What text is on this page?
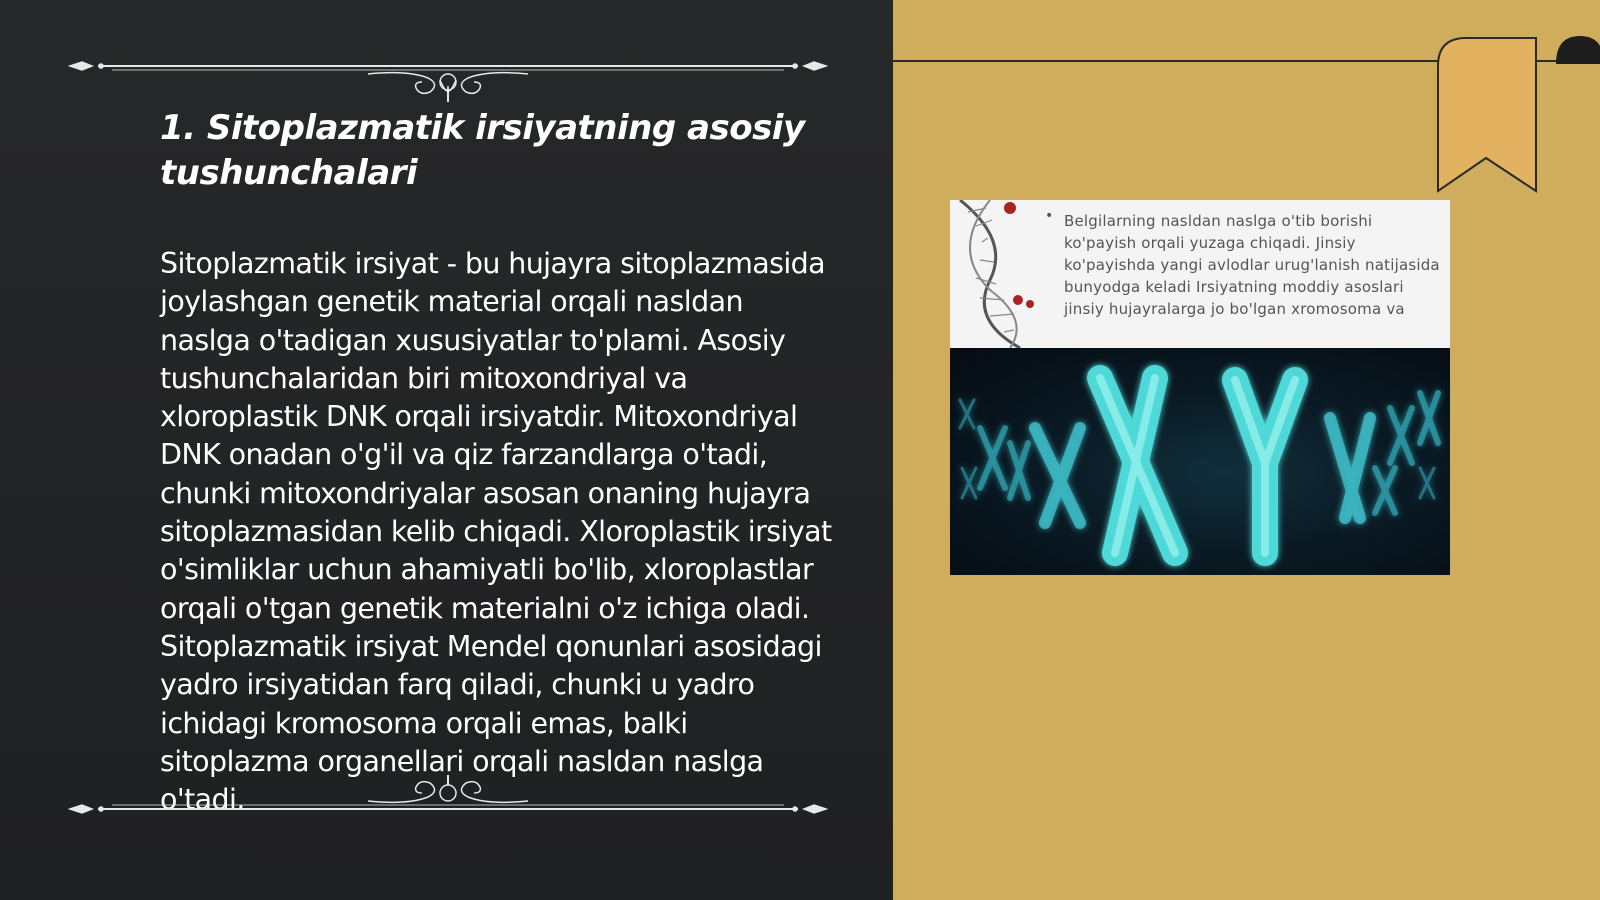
1. Sitoplazmatik irsiyatning asosiy tushunchalari

Sitoplazmatik irsiyat - bu hujayra sitoplazmasida joylashgan genetik material orqali nasldan naslga o'tadigan xususiyatlar to'plami. Asosiy tushunchalaridan biri mitoxondriyal va xloroplastik DNK orqali irsiyatdir. Mitoxondriyal DNK onadan o'g'il va qiz farzandlarga o'tadi, chunki mitoxondriyalar asosan onaning hujayra sitoplazmasidan kelib chiqadi. Xloroplastik irsiyat o'simliklar uchun ahamiyatli bo'lib, xloroplastlar orqali o'tgan genetik materialni o'z ichiga oladi. Sitoplazmatik irsiyat Mendel qonunlari asosidagi yadro irsiyatidan farq qiladi, chunki u yadro ichidagi kromosoma orqali emas, balki sitoplazma organellari orqali nasldan naslga o'tadi.

• Belgilarning nasldan naslga o'tib borishi ko'payish orqali yuzaga chiqadi. Jinsiy ko'payishda yangi avlodlar urug'lanish natijasida bunyodga keladi Irsiyatning moddiy asoslari jinsiy hujayralarga jo bo'lgan xromosoma va
